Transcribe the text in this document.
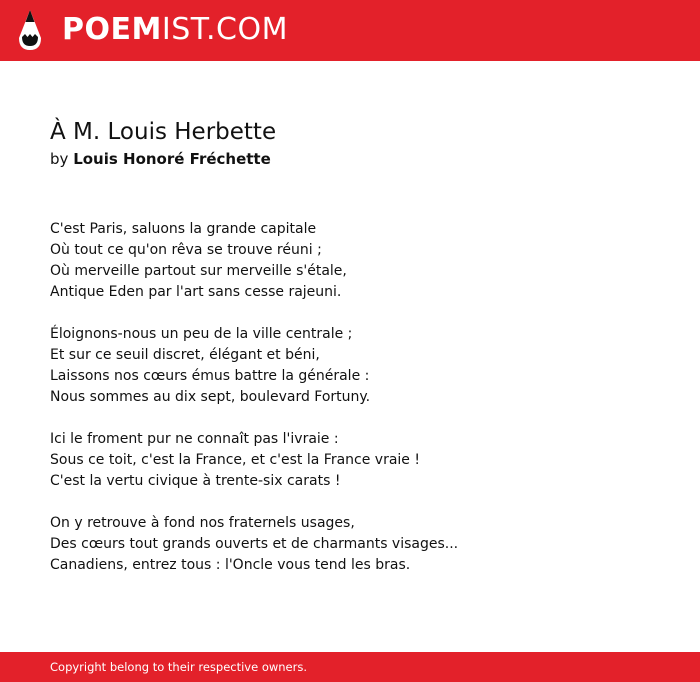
POEMIST.COM
À M. Louis Herbette
by Louis Honoré Fréchette
C'est Paris, saluons la grande capitale
Où tout ce qu'on rêva se trouve réuni ;
Où merveille partout sur merveille s'étale,
Antique Eden par l'art sans cesse rajeuni.
Éloignons-nous un peu de la ville centrale ;
Et sur ce seuil discret, élégant et béni,
Laissons nos cœurs émus battre la générale :
Nous sommes au dix sept, boulevard Fortuny.
Ici le froment pur ne connaît pas l'ivraie :
Sous ce toit, c'est la France, et c'est la France vraie !
C'est la vertu civique à trente-six carats !
On y retrouve à fond nos fraternels usages,
Des cœurs tout grands ouverts et de charmants visages...
Canadiens, entrez tous : l'Oncle vous tend les bras.
Copyright belong to their respective owners.
